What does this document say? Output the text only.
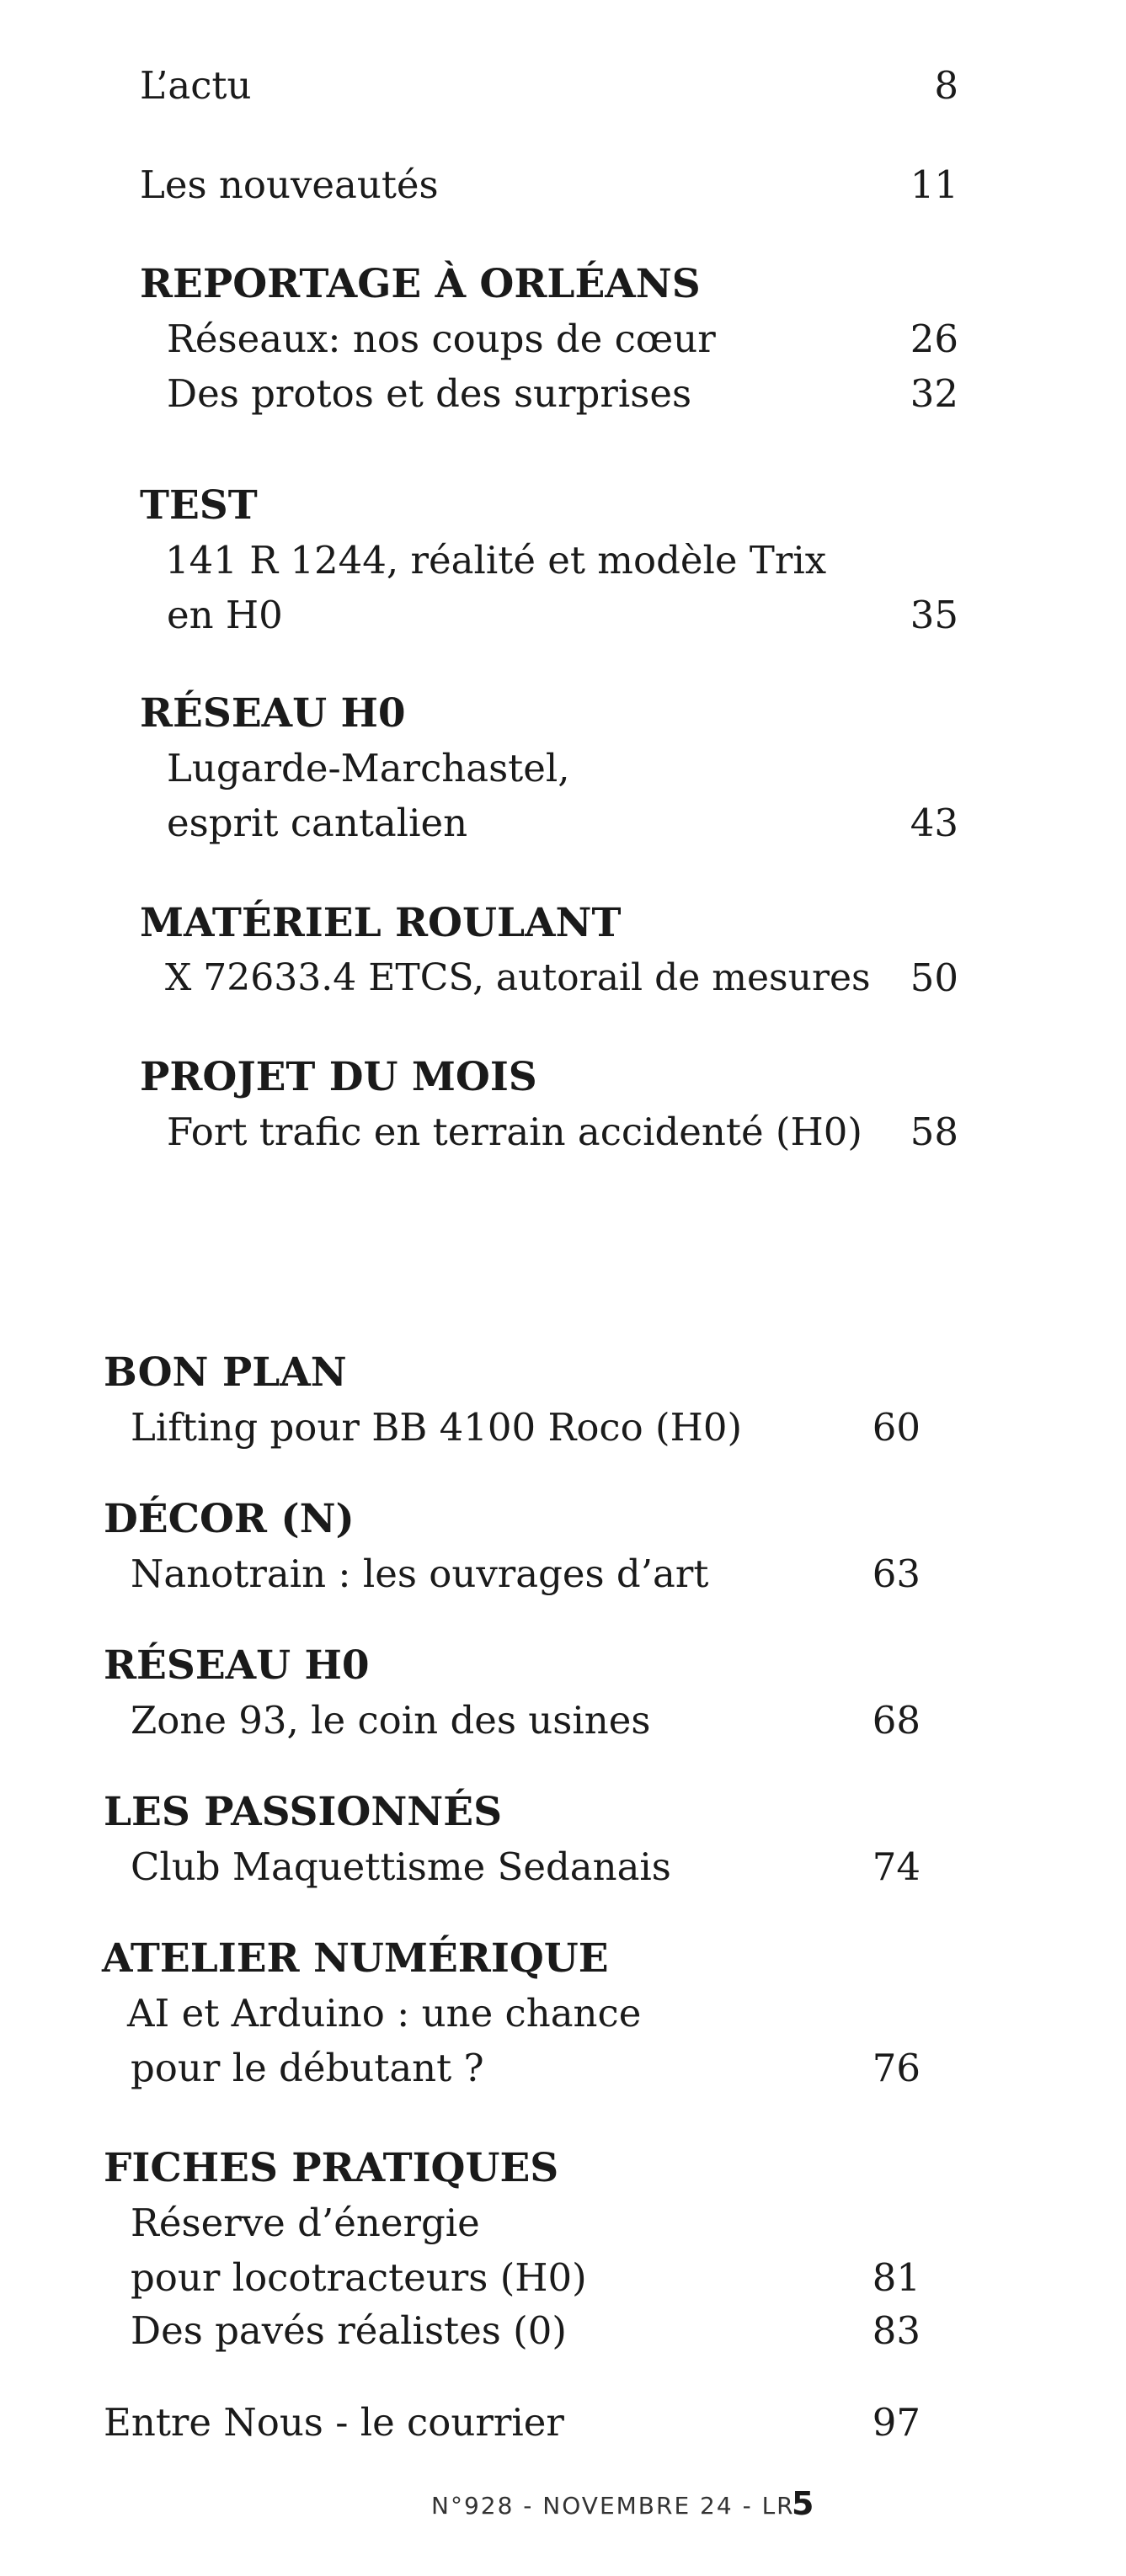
L’actu	8
Les nouveautés	11
REPORTAGE À ORLÉANS
Réseaux: nos coups de cœur	26
Des protos et des surprises	32
TEST
141 R 1244, réalité et modèle Trix
en H0	35
RÉSEAU H0
Lugarde-Marchastel,
esprit cantalien	43
MATÉRIEL ROULANT
X 72633.4 ETCS, autorail de mesures	50
PROJET DU MOIS
Fort trafic en terrain accidenté (H0)	58
BON PLAN
Lifting pour BB 4100 Roco (H0)	60
DÉCOR (N)
Nanotrain : les ouvrages d’art	63
RÉSEAU H0
Zone 93, le coin des usines	68
LES PASSIONNÉS
Club Maquettisme Sedanais	74
ATELIER NUMÉRIQUE
AI et Arduino : une chance
pour le débutant ?	76
FICHES PRATIQUES
Réserve d’énergie
pour locotracteurs (H0)	81
Des pavés réalistes (0)	83
Entre Nous - le courrier	97
N°928 - NOVEMBRE 24 - LR
5
